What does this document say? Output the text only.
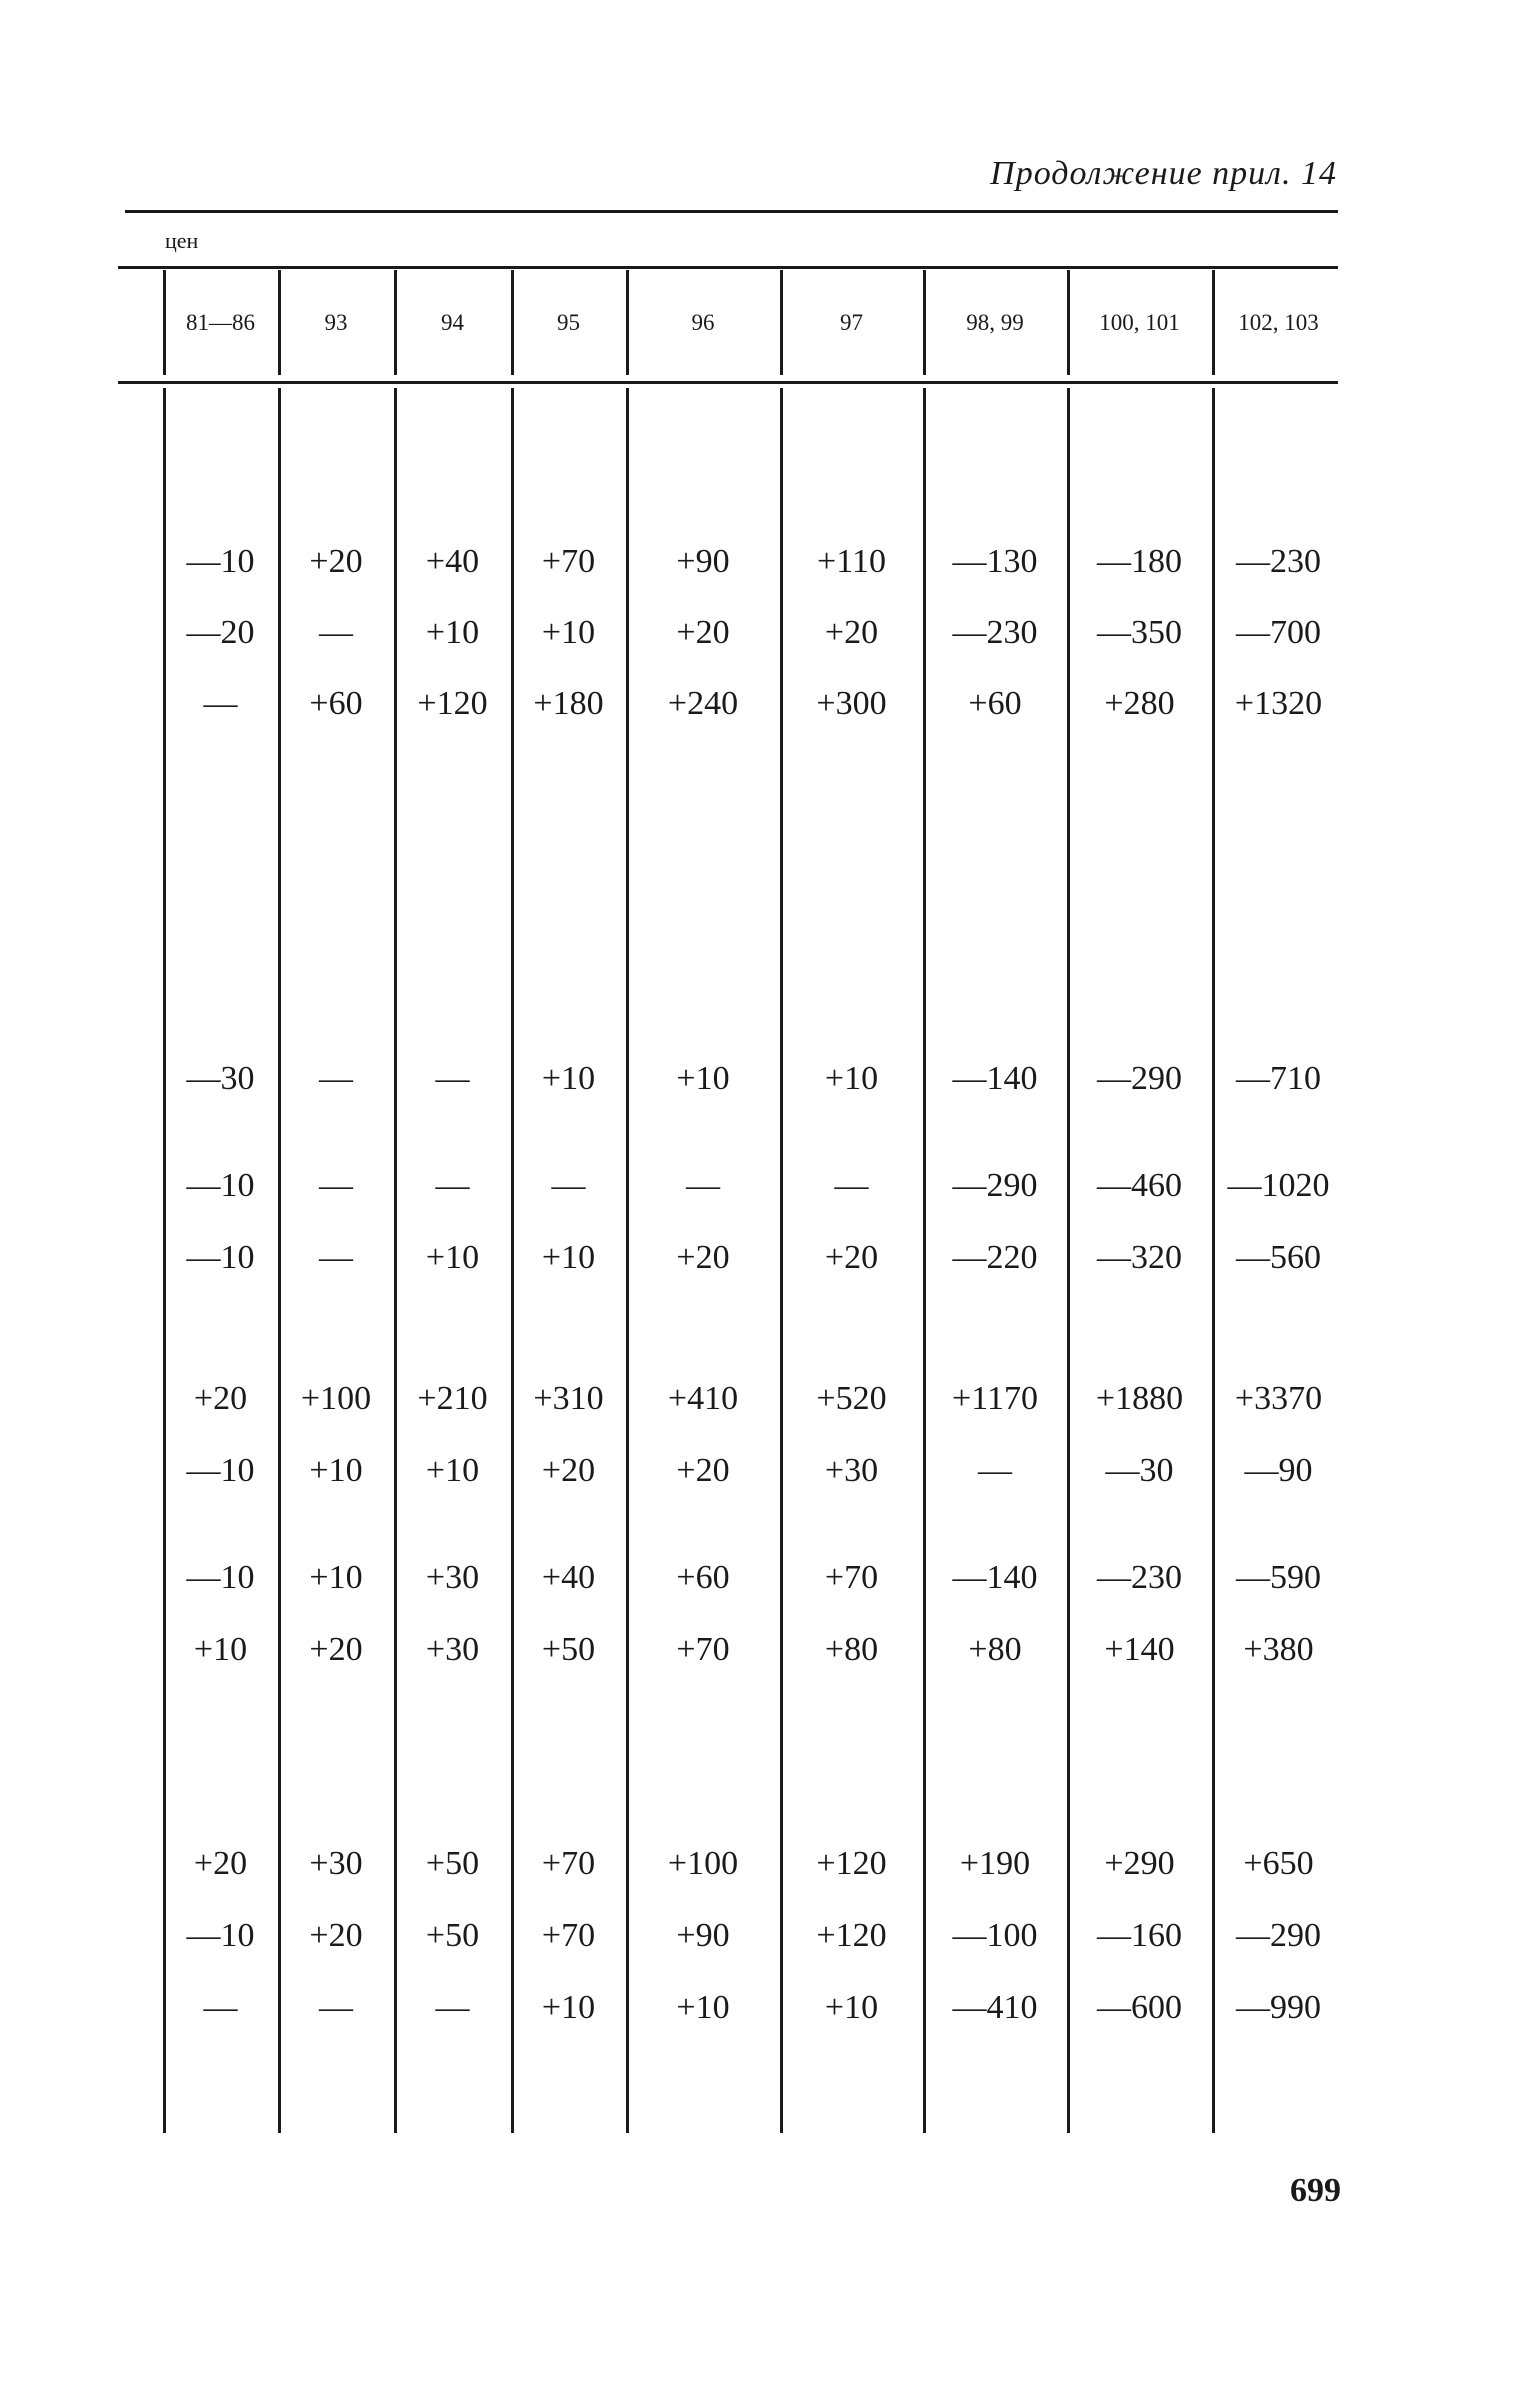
Продолжение прил. 14
цен
81—86	93	94	95	96	97	98, 99	100, 101	102, 103
—10	+20	+40	+70	+90	+110	—130	—180	—230
—20	—	+10	+10	+20	+20	—230	—350	—700
—	+60	+120	+180	+240	+300	+60	+280	+1320
—30	—	—	+10	+10	+10	—140	—290	—710
—10	—	—	—	—	—	—290	—460	—1020
—10	—	+10	+10	+20	+20	—220	—320	—560
+20	+100	+210	+310	+410	+520	+1170	+1880	+3370
—10	+10	+10	+20	+20	+30	—	—30	—90
—10	+10	+30	+40	+60	+70	—140	—230	—590
+10	+20	+30	+50	+70	+80	+80	+140	+380
+20	+30	+50	+70	+100	+120	+190	+290	+650
—10	+20	+50	+70	+90	+120	—100	—160	—290
—	—	—	+10	+10	+10	—410	—600	—990
699
